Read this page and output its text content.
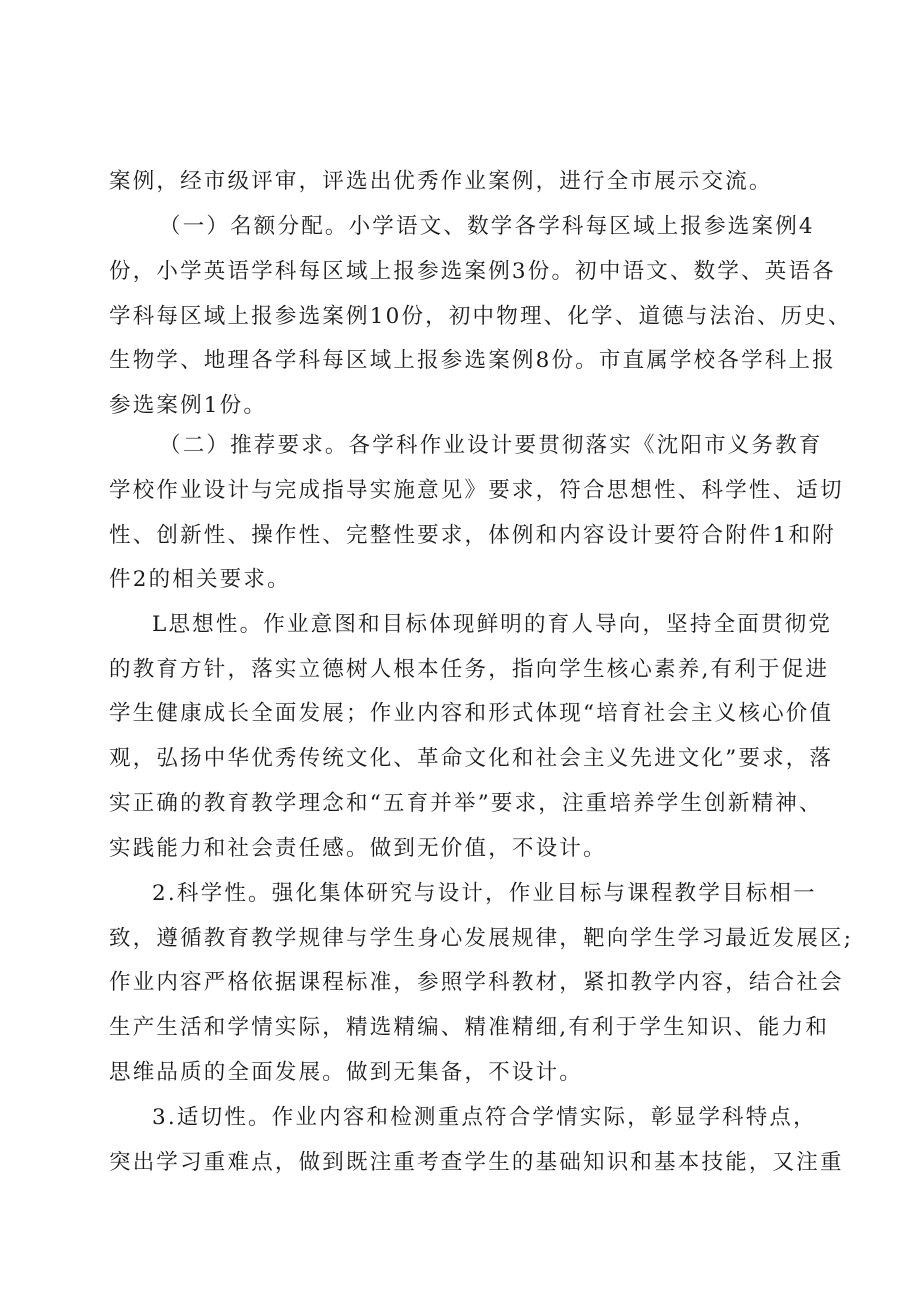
案例，经市级评审，评选出优秀作业案例，进行全市展示交流。
（一）名额分配。小学语文、数学各学科每区域上报参选案例4
份，小学英语学科每区域上报参选案例3份。初中语文、数学、英语各
学科每区域上报参选案例10份，初中物理、化学、道德与法治、历史、
生物学、地理各学科每区域上报参选案例8份。市直属学校各学科上报
参选案例1份。
（二）推荐要求。各学科作业设计要贯彻落实《沈阳市义务教育
学校作业设计与完成指导实施意见》要求，符合思想性、科学性、适切
性、创新性、操作性、完整性要求，体例和内容设计要符合附件1和附
件2的相关要求。
L思想性。作业意图和目标体现鲜明的育人导向，坚持全面贯彻党
的教育方针，落实立德树人根本任务，指向学生核心素养,有利于促进
学生健康成长全面发展；作业内容和形式体现“培育社会主义核心价值
观，弘扬中华优秀传统文化、革命文化和社会主义先进文化”要求，落
实正确的教育教学理念和“五育并举”要求，注重培养学生创新精神、
实践能力和社会责任感。做到无价值，不设计。
2.科学性。强化集体研究与设计，作业目标与课程教学目标相一
致，遵循教育教学规律与学生身心发展规律，靶向学生学习最近发展区;
作业内容严格依据课程标准，参照学科教材，紧扣教学内容，结合社会
生产生活和学情实际，精选精编、精准精细,有利于学生知识、能力和
思维品质的全面发展。做到无集备，不设计。
3.适切性。作业内容和检测重点符合学情实际，彰显学科特点，
突出学习重难点，做到既注重考查学生的基础知识和基本技能，又注重
